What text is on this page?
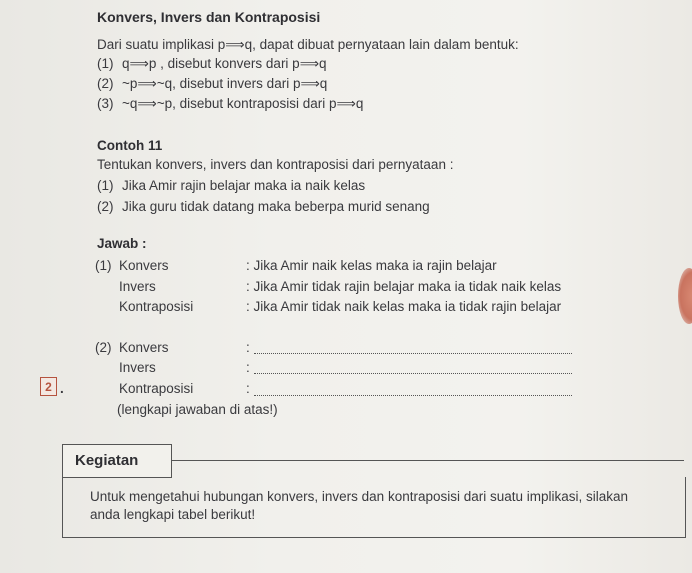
Konvers, Invers dan Kontraposisi
Dari suatu implikasi p⟹q, dapat dibuat pernyataan lain dalam bentuk:
(1) q⟹p , disebut konvers dari p⟹q
(2) ~p⟹~q, disebut invers dari p⟹q
(3) ~q⟹~p, disebut kontraposisi dari p⟹q
Contoh 11
Tentukan konvers, invers dan kontraposisi dari pernyataan :
(1) Jika Amir rajin belajar maka ia naik kelas
(2) Jika guru tidak datang maka beberpa murid senang
Jawab :
(1) Konvers	: Jika Amir naik kelas maka ia rajin belajar
Invers	: Jika Amir tidak rajin belajar maka ia tidak naik kelas
Kontraposisi	: Jika Amir tidak naik kelas maka ia tidak rajin belajar
(2) Konvers	:
Invers	:
2 .	Kontraposisi	:
(lengkapi jawaban di atas!)
Kegiatan
Untuk mengetahui hubungan konvers, invers dan kontraposisi dari suatu implikasi, silakan
anda lengkapi tabel berikut!
